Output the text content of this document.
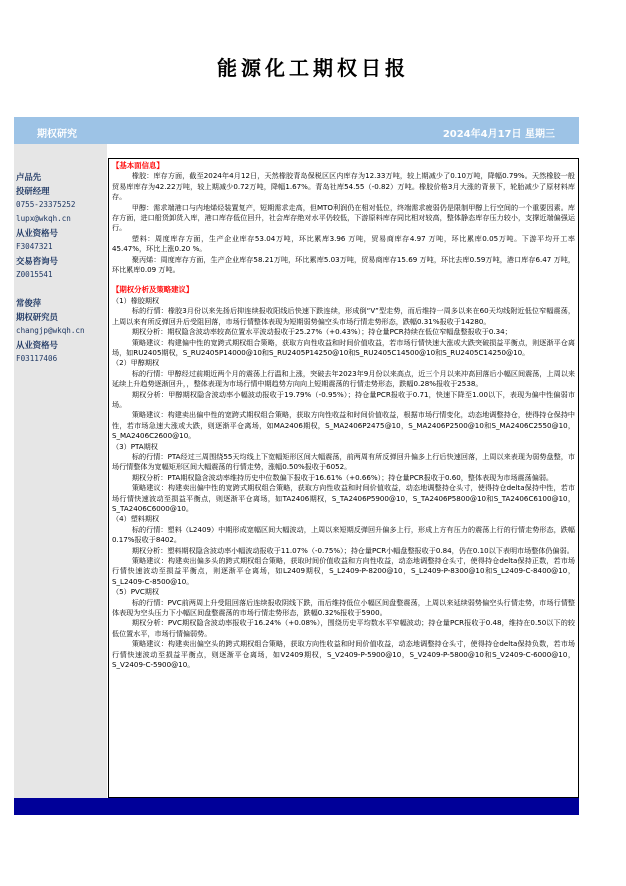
能源化工期权日报
期权研究	2024年4月17日 星期三
卢品先
投研经理
0755-23375252
lupx@wkqh.cn
从业资格号
F3047321
交易咨询号
Z0015541
常俊萍
期权研究员
changjp@wkqh.cn
从业资格号
F03117406
【基本面信息】

橡胶：库存方面，截至2024年4月12日，天然橡胶青岛保税区区内库存为12.33万吨，较上期减少了0.10万吨，降幅0.79%。天然橡胶一般贸易库库存为42.22万吨，较上期减少0.72万吨，降幅1.67%。青岛社库54.55（-0.82）万吨。橡胶价格3月大涨的背景下，轮胎减少了原材料库存。

甲醇：需求端港口与内地烯烃装置复产，短期需求走高，但MTO利润仍在相对低位，终端需求疲弱仍是限制甲醇上行空间的一个重要因素。库存方面，进口船货卸货入库，港口库存低位回升，社会库存绝对水平仍较低，下游原料库存同比相对较高，整体静态库存压力较小，支撑近端偏强运行。

塑料：周度库存方面，生产企业库存53.04万吨，环比累库3.96 万吨，贸易商库存4.97 万吨，环比累库0.05万吨。下游平均开工率45.47%，环比上涨0.20 %。

聚丙烯：周度库存方面，生产企业库存58.21万吨，环比累库5.03万吨，贸易商库存15.69 万吨，环比去库0.59万吨，港口库存6.47 万吨，环比累库0.09 万吨。

【期权分析及策略建议】

（1）橡胶期权

标的行情：橡胶3月份以来先扬后抑连续报收阳线后快速下跌连续，形成倒“V”型走势，而后维持一周多以来在60天均线附近低位窄幅震荡，上周以来有所反弹回升后受阻回落，市场行情整体表现为短期弱势偏空头市场行情走势形态，跌幅0.31%报收于14280。

期权分析：期权隐含波动率较高位置水平波动报收于25.27%（+0.43%）；持仓量PCR持续在低位窄幅盘整报收于0.34；

策略建议：构建偏中性的宽跨式期权组合策略，获取方向性收益和时间价值收益，若市场行情快速大涨或大跌突破损益平衡点，则逐渐平仓离场，如RU2405期权，S_RU2405P14000@10和S_RU2405P14250@10和S_RU2405C14500@10和S_RU2405C14250@10。

（2）甲醇期权

标的行情：甲醇经过前期近两个月的震荡上行温和上涨，突破去年2023年9月份以来高点，近三个月以来冲高回落后小幅区间震荡，上周以来延续上升趋势逐渐回升，，整体表现为市场行情中期趋势方向向上短期震荡的行情走势形态，跌幅0.28%报收于2538。

期权分析：甲醇期权隐含波动率小幅波动报收于19.79%（-0.95%）；持仓量PCR报收于0.71，快速下降至1.00以下，表现为偏中性偏弱市场。

策略建议：构建卖出偏中性的宽跨式期权组合策略，获取方向性收益和时间价值收益，根据市场行情变化，动态地调整持仓，使得持仓保持中性，若市场急速大涨或大跌，则逐渐平仓离场，如MA2406期权，S_MA2406P2475@10，S_MA2406P2500@10和S_MA2406C2550@10，S_MA2406C2600@10。

（3）PTA期权

标的行情：PTA经过三周围绕55天均线上下宽幅矩形区间大幅震荡，前两周有所反弹回升偏多上行后快速回落，上周以来表现为弱势盘整，市场行情整体为宽幅矩形区间大幅震荡的行情走势，涨幅0.50%报收于6052。

期权分析：PTA期权隐含波动率维持历史中位数偏下报收于16.61%（+0.66%）；持仓量PCR报收于0.60，整体表现为市场震荡偏弱。

策略建议：构建卖出偏中性的宽跨式期权组合策略，获取方向性收益和时间价值收益，动态地调整持仓头寸，使得持仓delta保持中性，若市场行情快速波动至损益平衡点，则逐渐平仓离场，如TA2406期权，S_TA2406P5900@10，S_TA2406P5800@10和S_TA2406C6100@10，S_TA2406C6000@10。

（4）塑料期权

标的行情：塑料（L2409）中期形成宽幅区间大幅波动，上周以来短期反弹回升偏多上行，形成上方有压力的震荡上行的行情走势形态，跌幅0.17%报收于8402。

期权分析：塑料期权隐含波动率小幅波动报收于11.07%（-0.75%）；持仓量PCR小幅盘整报收于0.84，仍在0.10以下表明市场整体仍偏弱。

策略建议：构建卖出偏多头的跨式期权组合策略，获取时间价值收益和方向性收益，动态地调整持仓头寸，使得持仓delta保持正数，若市场行情快速波动至损益平衡点，则逐渐平仓离场，如L2409期权，S_L2409-P-8200@10，S_L2409-P-8300@10和S_L2409-C-8400@10，S_L2409-C-8500@10。

（5）PVC期权

标的行情：PVC前两周上升受阻回落后连续报收阴线下跌，而后维持低位小幅区间盘整震荡，上周以来延续弱势偏空头行情走势，市场行情整体表现为空头压力下小幅区间盘整震荡的市场行情走势形态，跌幅0.32%报收于5900。

期权分析：PVC期权隐含波动率报收于16.24%（+0.08%），围绕历史平均数水平窄幅波动；持仓量PCR报收于0.48，维持在0.50以下的较低位置水平，市场行情偏弱势。

策略建议：构建卖出偏空头的跨式期权组合策略，获取方向性收益和时间价值收益，动态地调整持仓头寸，使得持仓delta保持负数，若市场行情快速波动至损益平衡点，则逐渐平仓离场，如V2409期权，S_V2409-P-5900@10，S_V2409-P-5800@10和S_V2409-C-6000@10，S_V2409-C-5900@10。
